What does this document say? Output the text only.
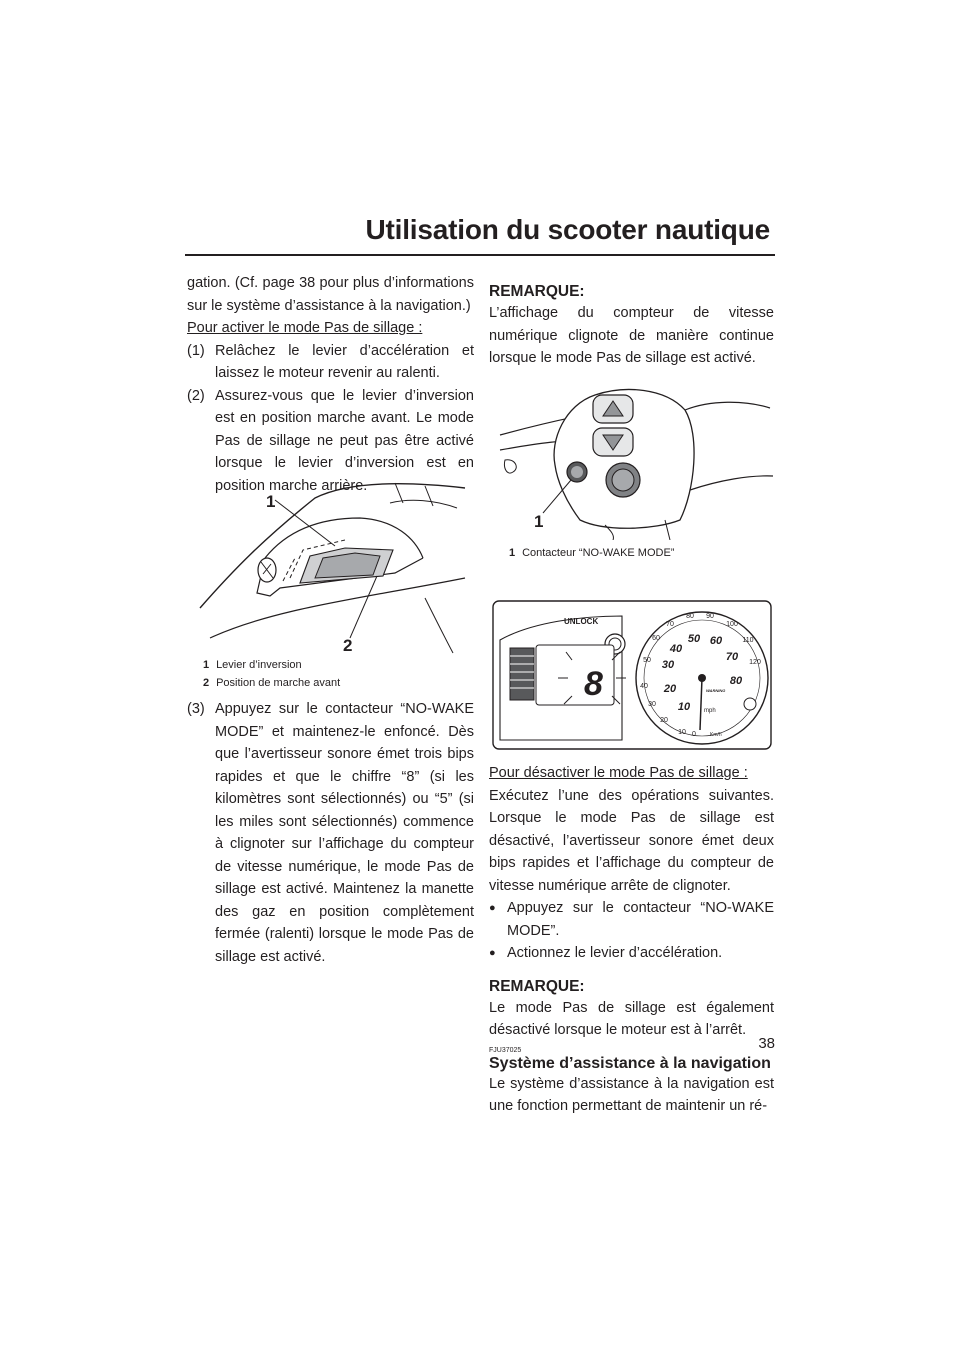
Utilisation du scooter nautique

gation. (Cf. page 38 pour plus d’informations sur le système d’assistance à la navigation.)

Pour activer le mode Pas de sillage :

(1) Relâchez le levier d’accélération et laissez le moteur revenir au ralenti.
(2) Assurez-vous que le levier d’inversion est en position marche avant. Le mode Pas de sillage ne peut pas être activé lorsque le levier d’inversion est en position marche arrière.
1
2
1 Levier d’inversion
2 Position de marche avant
(3) Appuyez sur le contacteur “NO-WAKE MODE” et maintenez-le enfoncé. Dès que l’avertisseur sonore émet trois bips rapides et que le chiffre “8” (si les kilomètres sont sélectionnés) ou “5” (si les miles sont sélectionnés) commence à clignoter sur l’affichage du compteur de vitesse numérique, le mode Pas de sillage est activé. Maintenez la manette des gaz en position complètement fermée (ralenti) lorsque le mode Pas de sillage est activé.

REMARQUE:

L’affichage du compteur de vitesse numérique clignote de manière continue lorsque le mode Pas de sillage est activé.

1
1 Contacteur “NO-WAKE MODE”
UNLOCK
8
10
20
30
40
50
60
70
80 90
100
110
120
0
10
20
30
40
50 60
70
80
mph
Km/h
WARNING

Pour désactiver le mode Pas de sillage :

Exécutez l’une des opérations suivantes. Lorsque le mode Pas de sillage est désactivé, l’avertisseur sonore émet deux bips rapides et l’affichage du compteur de vitesse numérique arrête de clignoter.

● Appuyez sur le contacteur “NO-WAKE MODE”.
● Actionnez le levier d’accélération.

REMARQUE:

Le mode Pas de sillage est également désactivé lorsque le moteur est à l’arrêt.

FJU37025

Système d’assistance à la navigation

Le système d’assistance à la navigation est une fonction permettant de maintenir un ré-

38
